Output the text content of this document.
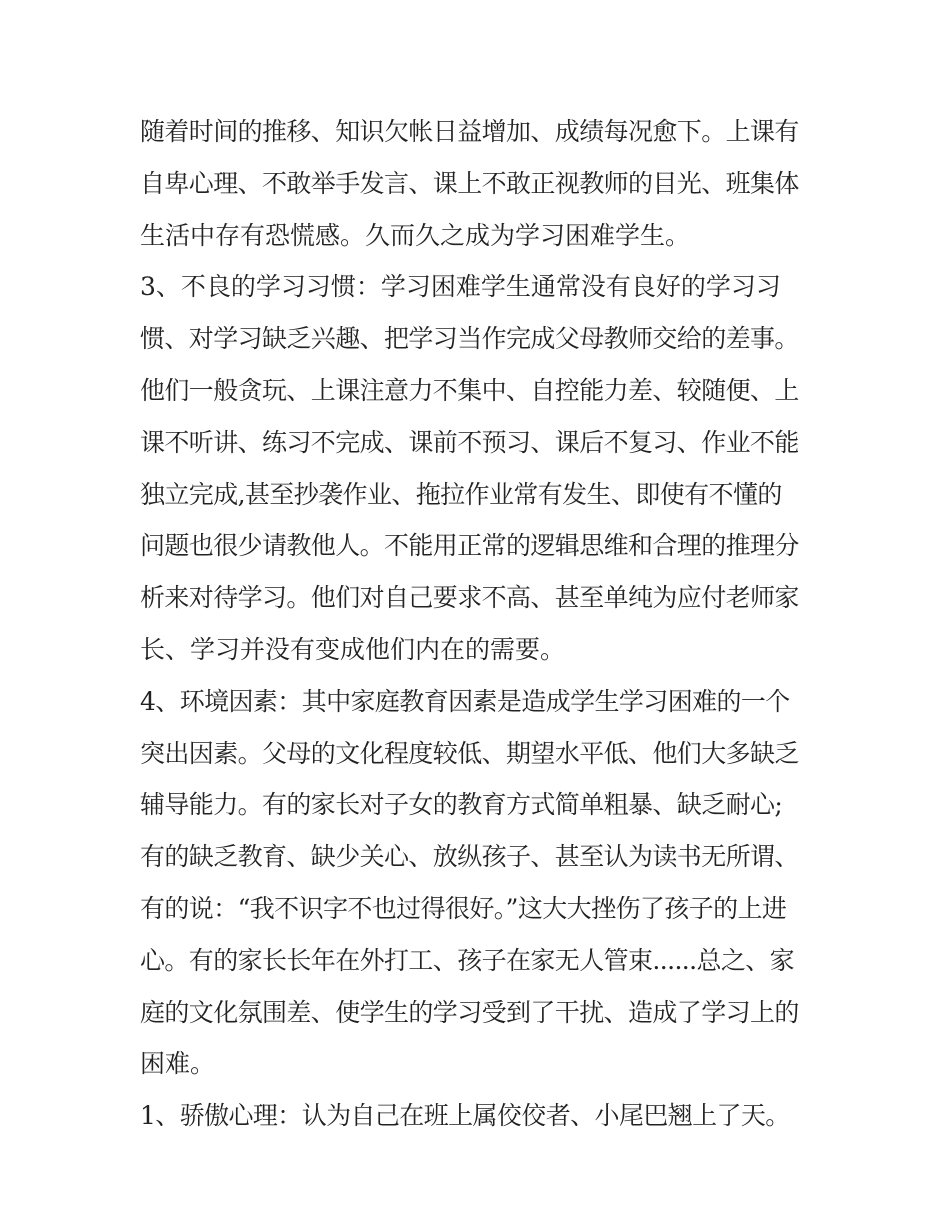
随着时间的推移、知识欠帐日益增加、成绩每况愈下。上课有
自卑心理、不敢举手发言、课上不敢正视教师的目光、班集体
生活中存有恐慌感。久而久之成为学习困难学生。
3、不良的学习习惯：学习困难学生通常没有良好的学习习
惯、对学习缺乏兴趣、把学习当作完成父母教师交给的差事。
他们一般贪玩、上课注意力不集中、自控能力差、较随便、上
课不听讲、练习不完成、课前不预习、课后不复习、作业不能
独立完成,甚至抄袭作业、拖拉作业常有发生、即使有不懂的
问题也很少请教他人。不能用正常的逻辑思维和合理的推理分
析来对待学习。他们对自己要求不高、甚至单纯为应付老师家
长、学习并没有变成他们内在的需要。
4、环境因素：其中家庭教育因素是造成学生学习困难的一个
突出因素。父母的文化程度较低、期望水平低、他们大多缺乏
辅导能力。有的家长对子女的教育方式简单粗暴、缺乏耐心;
有的缺乏教育、缺少关心、放纵孩子、甚至认为读书无所谓、
有的说：“我不识字不也过得很好。”这大大挫伤了孩子的上进
心。有的家长长年在外打工、孩子在家无人管束......总之、家
庭的文化氛围差、使学生的学习受到了干扰、造成了学习上的
困难。
1、骄傲心理：认为自己在班上属佼佼者、小尾巴翘上了天。
